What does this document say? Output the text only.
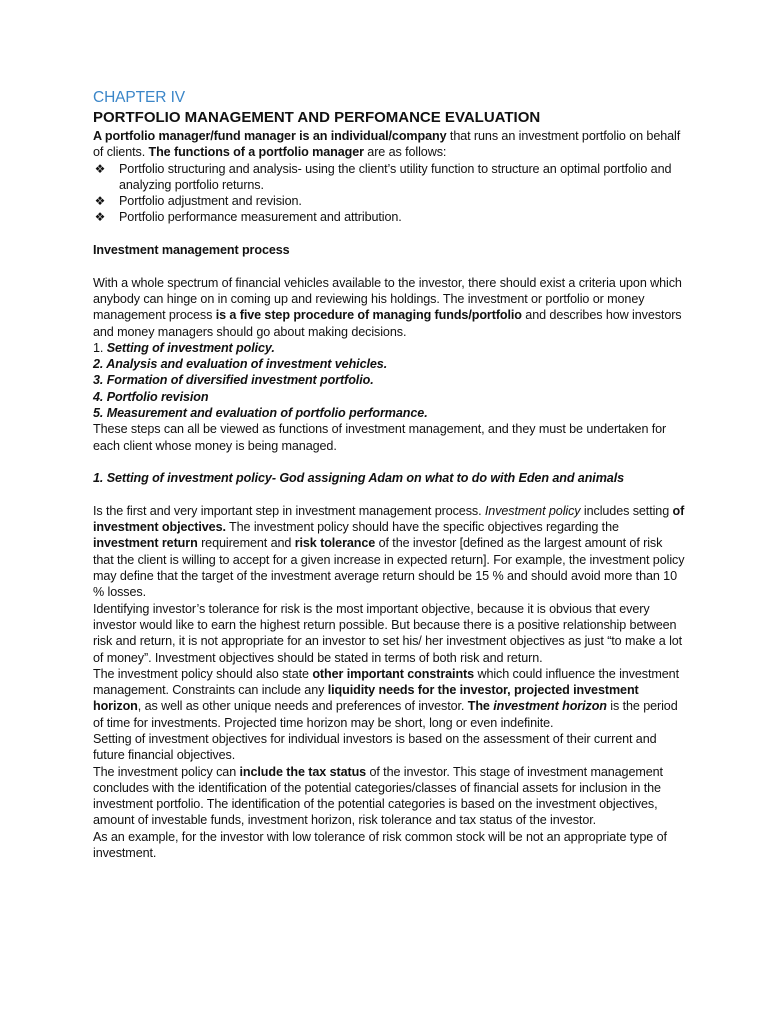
CHAPTER IV
PORTFOLIO MANAGEMENT AND PERFOMANCE EVALUATION

A portfolio manager/fund manager is an individual/company that runs an investment portfolio on behalf of clients. The functions of a portfolio manager are as follows:

❖ Portfolio structuring and analysis- using the client’s utility function to structure an optimal portfolio and analyzing portfolio returns.
❖ Portfolio adjustment and revision.
❖ Portfolio performance measurement and attribution.

Investment management process

With a whole spectrum of financial vehicles available to the investor, there should exist a criteria upon which anybody can hinge on in coming up and reviewing his holdings. The investment or portfolio or money management process is a five step procedure of managing funds/portfolio and describes how investors and money managers should go about making decisions.

1. Setting of investment policy.

2. Analysis and evaluation of investment vehicles.

3. Formation of diversified investment portfolio.

4. Portfolio revision

5. Measurement and evaluation of portfolio performance.

These steps can all be viewed as functions of investment management, and they must be undertaken for each client whose money is being managed.

1. Setting of investment policy- God assigning Adam on what to do with Eden and animals

Is the first and very important step in investment management process. Investment policy includes setting of investment objectives. The investment policy should have the specific objectives regarding the investment return requirement and risk tolerance of the investor [defined as the largest amount of risk that the client is willing to accept for a given increase in expected return]. For example, the investment policy may define that the target of the investment average return should be 15 % and should avoid more than 10 % losses.

Identifying investor’s tolerance for risk is the most important objective, because it is obvious that every investor would like to earn the highest return possible. But because there is a positive relationship between risk and return, it is not appropriate for an investor to set his/ her investment objectives as just “to make a lot of money”. Investment objectives should be stated in terms of both risk and return.

The investment policy should also state other important constraints which could influence the investment management. Constraints can include any liquidity needs for the investor, projected investment horizon, as well as other unique needs and preferences of investor. The investment horizon is the period of time for investments. Projected time horizon may be short, long or even indefinite.

Setting of investment objectives for individual investors is based on the assessment of their current and future financial objectives.

The investment policy can include the tax status of the investor. This stage of investment management concludes with the identification of the potential categories/classes of financial assets for inclusion in the investment portfolio. The identification of the potential categories is based on the investment objectives, amount of investable funds, investment horizon, risk tolerance and tax status of the investor.

As an example, for the investor with low tolerance of risk common stock will be not an appropriate type of investment.
